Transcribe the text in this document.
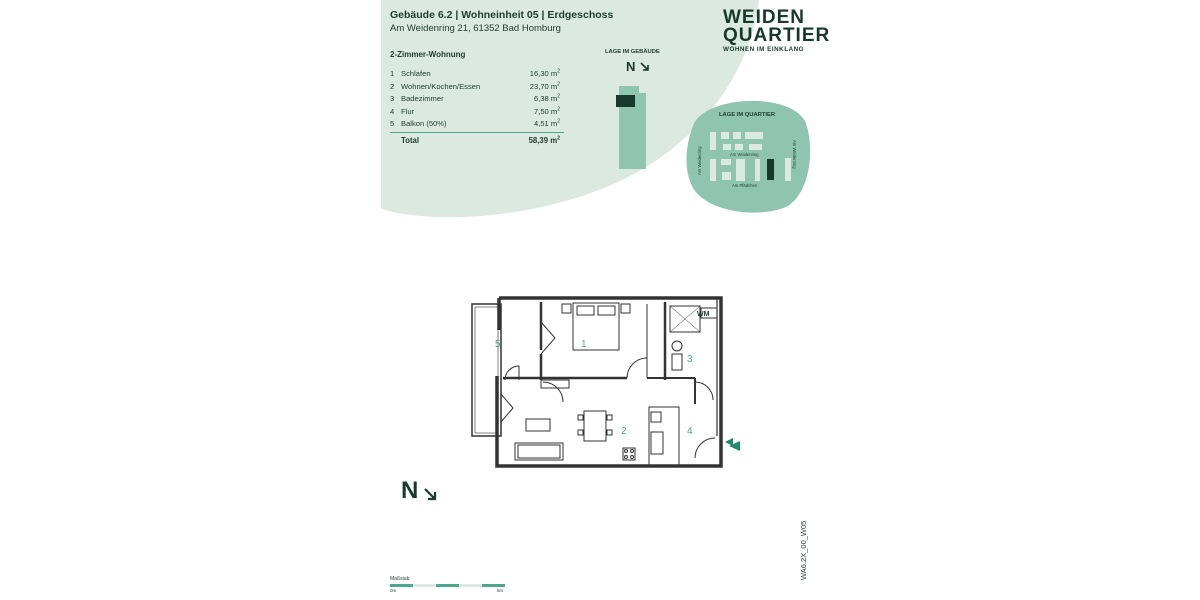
Gebäude 6.2 | Wohneinheit 05 | Erdgeschoss
Am Weidenring 21, 61352 Bad Homburg
WEIDEN
QUARTIER
WOHNEN IM EINKLANG
2-Zimmer-Wohnung
1 Schlafen	16,30 $m^2$
2 Wohnen/Kochen/Essen	23,70 $m^2$
3 Badezimmer	6,38 $m^2$
4 Flur	7,50 $m^2$
5 Balkon (50%)	4,51 $m^2$
Total	58,39 $m^2$
LAGE IM GEBÄUDE
N
LAGE IM QUARTIER
Am Weidenring
Am Pfädchen
Am Weidenring	Am Weidenring
1
2
3
4
5
WM
N
WA6.2X_00_W05
Maßstab
0m	5m
